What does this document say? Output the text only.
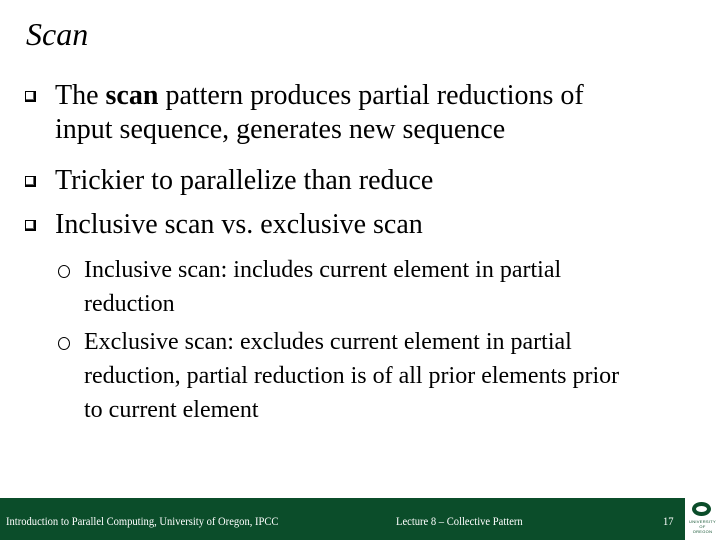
Scan
The scan pattern produces partial reductions of
input sequence, generates new sequence
Trickier to parallelize than reduce
Inclusive scan vs. exclusive scan
Inclusive scan: includes current element in partial
reduction
Exclusive scan: excludes current element in partial
reduction, partial reduction is of all prior elements prior
to current element
Introduction to Parallel Computing, University of Oregon, IPCC	Lecture 8 – Collective Pattern	17	UNIVERSITY
OF OREGON
